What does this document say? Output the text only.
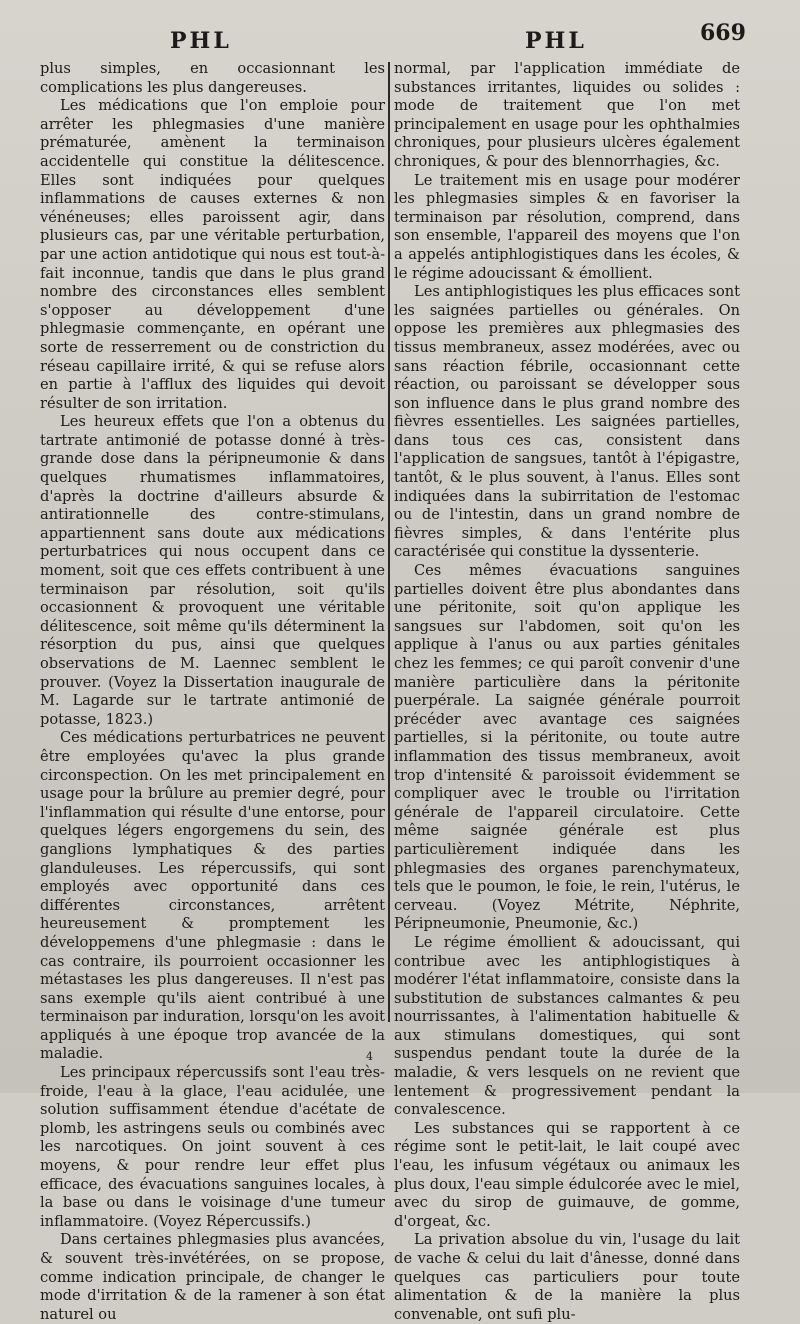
PHL	PHL	669

plus simples, en occasionnant les complications les plus dangereuses.

Les médications que l'on emploie pour arrêter les phlegmasies d'une manière prématurée, amènent la terminaison accidentelle qui constitue la délitescence. Elles sont indiquées pour quelques inflammations de causes externes & non vénéneuses; elles paroissent agir, dans plusieurs cas, par une véritable perturbation, par une action antidotique qui nous est tout-à-fait inconnue, tandis que dans le plus grand nombre des circonstances elles semblent s'opposer au développement d'une phlegmasie commençante, en opérant une sorte de resserrement ou de constriction du réseau capillaire irrité, & qui se refuse alors en partie à l'afflux des liquides qui devoit résulter de son irritation.

Les heureux effets que l'on a obtenus du tartrate antimonié de potasse donné à très-grande dose dans la péripneumonie & dans quelques rhumatismes inflammatoires, d'après la doctrine d'ailleurs absurde & antirationnelle des contre-stimulans, appartiennent sans doute aux médications perturbatrices qui nous occupent dans ce moment, soit que ces effets contribuent à une terminaison par résolution, soit qu'ils occasionnent & provoquent une véritable délitescence, soit même qu'ils déterminent la résorption du pus, ainsi que quelques observations de M. Laennec semblent le prouver. (Voyez la Dissertation inaugurale de M. Lagarde sur le tartrate antimonié de potasse, 1823.)

Ces médications perturbatrices ne peuvent être employées qu'avec la plus grande circonspection. On les met principalement en usage pour la brûlure au premier degré, pour l'inflammation qui résulte d'une entorse, pour quelques légers engorgemens du sein, des ganglions lymphatiques & des parties glanduleuses. Les répercussifs, qui sont employés avec opportunité dans ces différentes circonstances, arrêtent heureusement & promptement les développemens d'une phlegmasie : dans le cas contraire, ils pourroient occasionner les métastases les plus dangereuses. Il n'est pas sans exemple qu'ils aient contribué à une terminaison par induration, lorsqu'on les avoit appliqués à une époque trop avancée de la maladie.

Les principaux répercussifs sont l'eau très-froide, l'eau à la glace, l'eau acidulée, une solution suffisamment étendue d'acétate de plomb, les astringens seuls ou combinés avec les narcotiques. On joint souvent à ces moyens, & pour rendre leur effet plus efficace, des évacuations sanguines locales, à la base ou dans le voisinage d'une tumeur inflammatoire. (Voyez Répercussifs.)

Dans certaines phlegmasies plus avancées, & souvent très-invétérées, on se propose, comme indication principale, de changer le mode d'irritation & de la ramener à son état naturel ou

normal, par l'application immédiate de substances irritantes, liquides ou solides : mode de traitement que l'on met principalement en usage pour les ophthalmies chroniques, pour plusieurs ulcères également chroniques, & pour des blennorrhagies, &c.

Le traitement mis en usage pour modérer les phlegmasies simples & en favoriser la terminaison par résolution, comprend, dans son ensemble, l'appareil des moyens que l'on a appelés antiphlogistiques dans les écoles, & le régime adoucissant & émollient.

Les antiphlogistiques les plus efficaces sont les saignées partielles ou générales. On oppose les premières aux phlegmasies des tissus membraneux, assez modérées, avec ou sans réaction fébrile, occasionnant cette réaction, ou paroissant se développer sous son influence dans le plus grand nombre des fièvres essentielles. Les saignées partielles, dans tous ces cas, consistent dans l'application de sangsues, tantôt à l'épigastre, tantôt, & le plus souvent, à l'anus. Elles sont indiquées dans la subirritation de l'estomac ou de l'intestin, dans un grand nombre de fièvres simples, & dans l'entérite plus caractérisée qui constitue la dyssenterie.

Ces mêmes évacuations sanguines partielles doivent être plus abondantes dans une péritonite, soit qu'on applique les sangsues sur l'abdomen, soit qu'on les applique à l'anus ou aux parties génitales chez les femmes; ce qui paroît convenir d'une manière particulière dans la péritonite puerpérale. La saignée générale pourroit précéder avec avantage ces saignées partielles, si la péritonite, ou toute autre inflammation des tissus membraneux, avoit trop d'intensité & paroissoit évidemment se compliquer avec le trouble ou l'irritation générale de l'appareil circulatoire. Cette même saignée générale est plus particulièrement indiquée dans les phlegmasies des organes parenchymateux, tels que le poumon, le foie, le rein, l'utérus, le cerveau. (Voyez Métrite, Néphrite, Péripneumonie, Pneumonie, &c.)

Le régime émollient & adoucissant, qui contribue avec les antiphlogistiques à modérer l'état inflammatoire, consiste dans la substitution de substances calmantes & peu nourrissantes, à l'alimentation habituelle & aux stimulans domestiques, qui sont suspendus pendant toute la durée de la maladie, & vers lesquels on ne revient que lentement & progressivement pendant la convalescence.

Les substances qui se rapportent à ce régime sont le petit-lait, le lait coupé avec l'eau, les infusum végétaux ou animaux les plus doux, l'eau simple édulcorée avec le miel, avec du sirop de guimauve, de gomme, d'orgeat, &c.

La privation absolue du vin, l'usage du lait de vache & celui du lait d'ânesse, donné dans quelques cas particuliers pour toute alimentation & de la manière la plus convenable, ont sufi plu-

4
